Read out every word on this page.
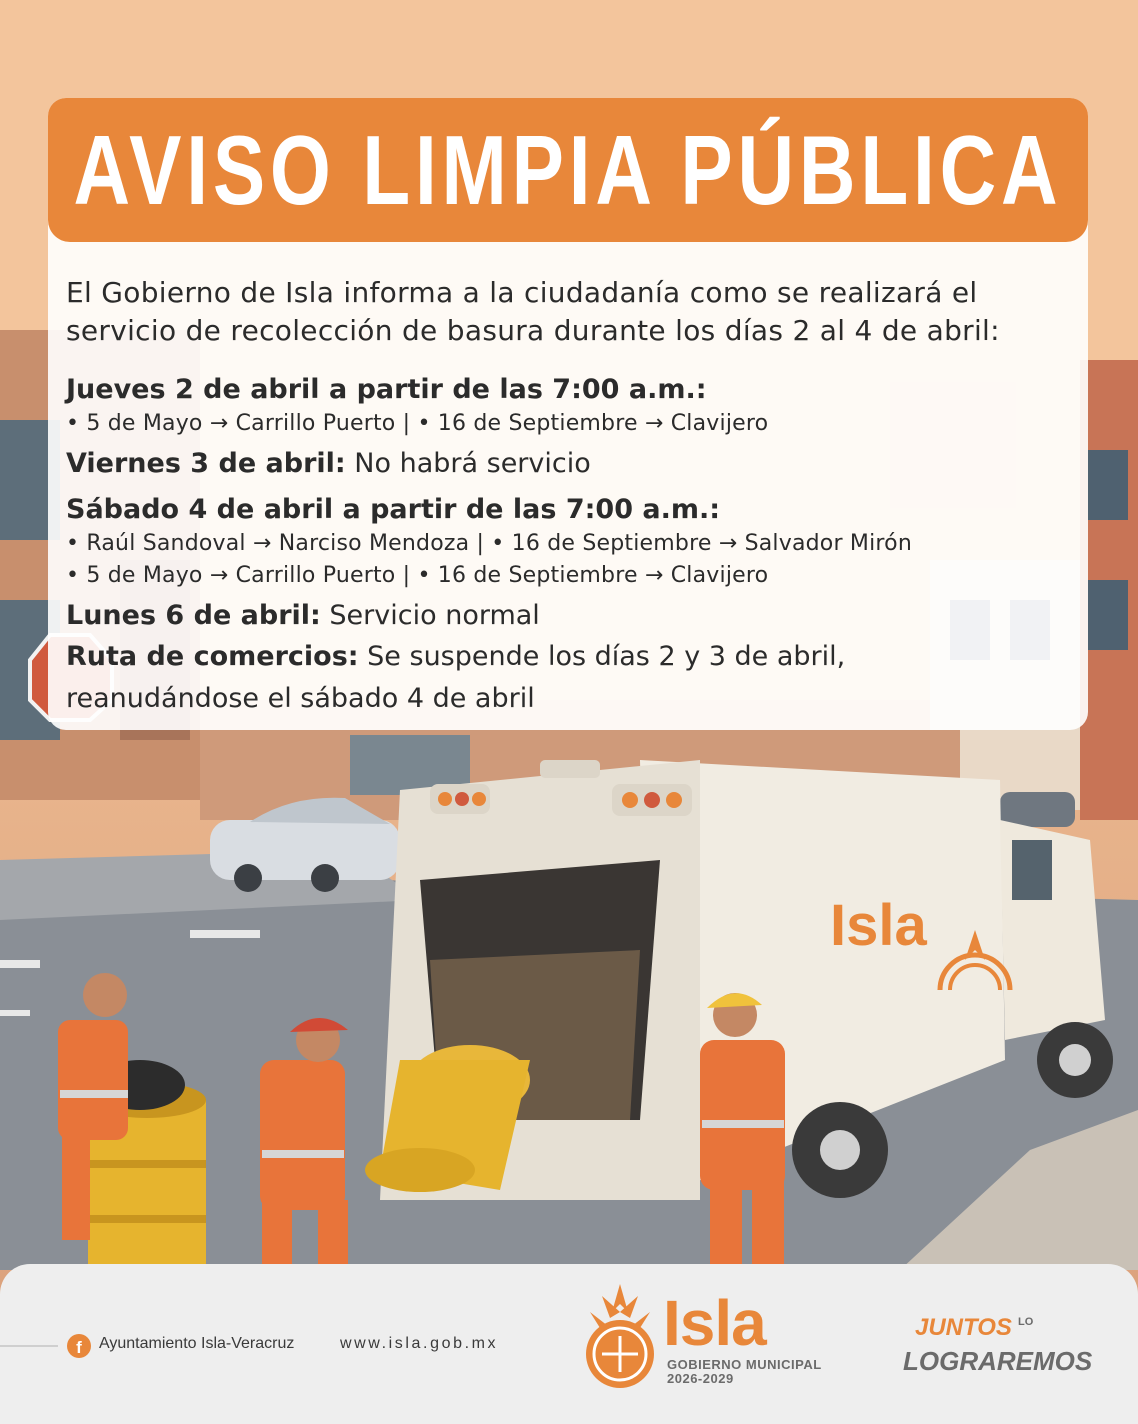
Isla
AVISO LIMPIA PÚBLICA

El Gobierno de Isla informa a la ciudadanía como se realizará el servicio de recolección de basura durante los días 2 al 4 de abril:

Jueves 2 de abril a partir de las 7:00 a.m.:

• 5 de Mayo → Carrillo Puerto | • 16 de Septiembre → Clavijero

Viernes 3 de abril: No habrá servicio

Sábado 4 de abril a partir de las 7:00 a.m.:

• Raúl Sandoval → Narciso Mendoza | • 16 de Septiembre → Salvador Mirón

• 5 de Mayo → Carrillo Puerto | • 16 de Septiembre → Clavijero

Lunes 6 de abril: Servicio normal

Ruta de comercios: Se suspende los días 2 y 3 de abril,

reanudándose el sábado 4 de abril

f	Ayuntamiento Isla-Veracruz	www.isla.gob.mx	Isla
GOBIERNO MUNICIPAL
2026-2029
JUNTOS LO
LOGRAREMOS
